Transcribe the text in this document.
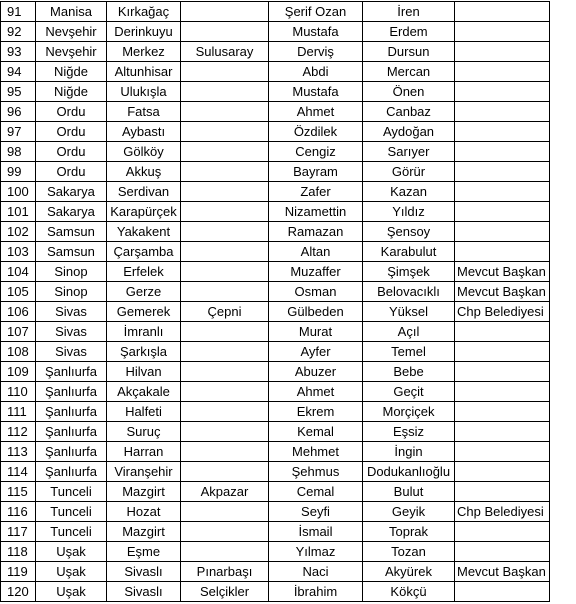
91	Manisa	Kırkağaç		Şerif Ozan	İren	
92	Nevşehir	Derinkuyu		Mustafa	Erdem	
93	Nevşehir	Merkez	Sulusaray	Derviş	Dursun	
94	Niğde	Altunhisar		Abdi	Mercan	
95	Niğde	Ulukışla		Mustafa	Önen	
96	Ordu	Fatsa		Ahmet	Canbaz	
97	Ordu	Aybastı		Özdilek	Aydoğan	
98	Ordu	Gölköy		Cengiz	Sarıyer	
99	Ordu	Akkuş		Bayram	Görür	
100	Sakarya	Serdivan		Zafer	Kazan	
101	Sakarya	Karapürçek		Nizamettin	Yıldız	
102	Samsun	Yakakent		Ramazan	Şensoy	
103	Samsun	Çarşamba		Altan	Karabulut	
104	Sinop	Erfelek		Muzaffer	Şimşek	Mevcut Başkan
105	Sinop	Gerze		Osman	Belovacıklı	Mevcut Başkan
106	Sivas	Gemerek	Çepni	Gülbeden	Yüksel	Chp Belediyesi
107	Sivas	İmranlı		Murat	Açıl	
108	Sivas	Şarkışla		Ayfer	Temel	
109	Şanlıurfa	Hilvan		Abuzer	Bebe	
110	Şanlıurfa	Akçakale		Ahmet	Geçit	
111	Şanlıurfa	Halfeti		Ekrem	Morçiçek	
112	Şanlıurfa	Suruç		Kemal	Eşsiz	
113	Şanlıurfa	Harran		Mehmet	İngin	
114	Şanlıurfa	Viranşehir		Şehmus	Dodukanlıoğlu	
115	Tunceli	Mazgirt	Akpazar	Cemal	Bulut	
116	Tunceli	Hozat		Seyfi	Geyik	Chp Belediyesi
117	Tunceli	Mazgirt		İsmail	Toprak	
118	Uşak	Eşme		Yılmaz	Tozan	
119	Uşak	Sivaslı	Pınarbaşı	Naci	Akyürek	Mevcut Başkan
120	Uşak	Sivaslı	Selçikler	İbrahim	Kökçü	
